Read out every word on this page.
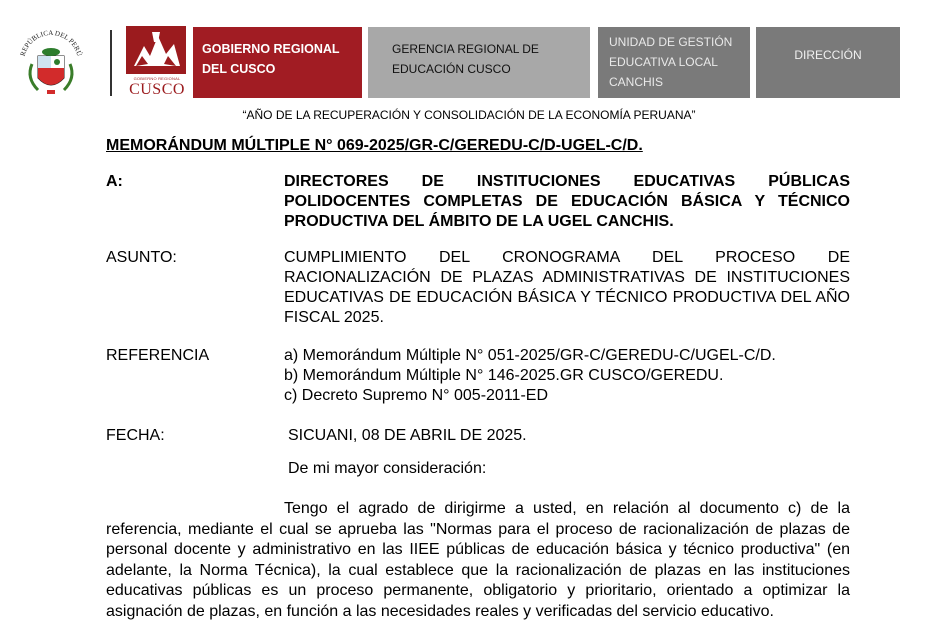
REPÚBLICA DEL PERÚ
GOBIERNO REGIONAL
CUSCO
GOBIERNO REGIONAL
DEL CUSCO
GERENCIA REGIONAL DE
EDUCACIÓN CUSCO
UNIDAD DE GESTIÓN
EDUCATIVA LOCAL
CANCHIS
DIRECCIÓN
“AÑO DE LA RECUPERACIÓN Y CONSOLIDACIÓN DE LA ECONOMÍA PERUANA”
MEMORÁNDUM MÚLTIPLE N° 069-2025/GR-C/GEREDU-C/D-UGEL-C/D.
A:	DIRECTORES DE INSTITUCIONES EDUCATIVAS PÚBLICAS POLIDOCENTES COMPLETAS DE EDUCACIÓN BÁSICA Y TÉCNICO PRODUCTIVA DEL ÁMBITO DE LA UGEL CANCHIS.
ASUNTO:	CUMPLIMIENTO DEL CRONOGRAMA DEL PROCESO DE RACIONALIZACIÓN DE PLAZAS ADMINISTRATIVAS DE INSTITUCIONES EDUCATIVAS DE EDUCACIÓN BÁSICA Y TÉCNICO PRODUCTIVA DEL AÑO FISCAL 2025.
REFERENCIA	a) Memorándum Múltiple N° 051-2025/GR-C/GEREDU-C/UGEL-C/D.
b) Memorándum Múltiple N° 146-2025.GR CUSCO/GEREDU.
c) Decreto Supremo N° 005-2011-ED
FECHA:	SICUANI, 08 DE ABRIL DE 2025.
De mi mayor consideración:
Tengo el agrado de dirigirme a usted, en relación al documento c) de la referencia, mediante el cual se aprueba las "Normas para el proceso de racionalización de plazas de personal docente y administrativo en las IIEE públicas de educación básica y técnico productiva" (en adelante, la Norma Técnica), la cual establece que la racionalización de plazas en las instituciones educativas públicas es un proceso permanente, obligatorio y prioritario, orientado a optimizar la asignación de plazas, en función a las necesidades reales y verificadas del servicio educativo.
